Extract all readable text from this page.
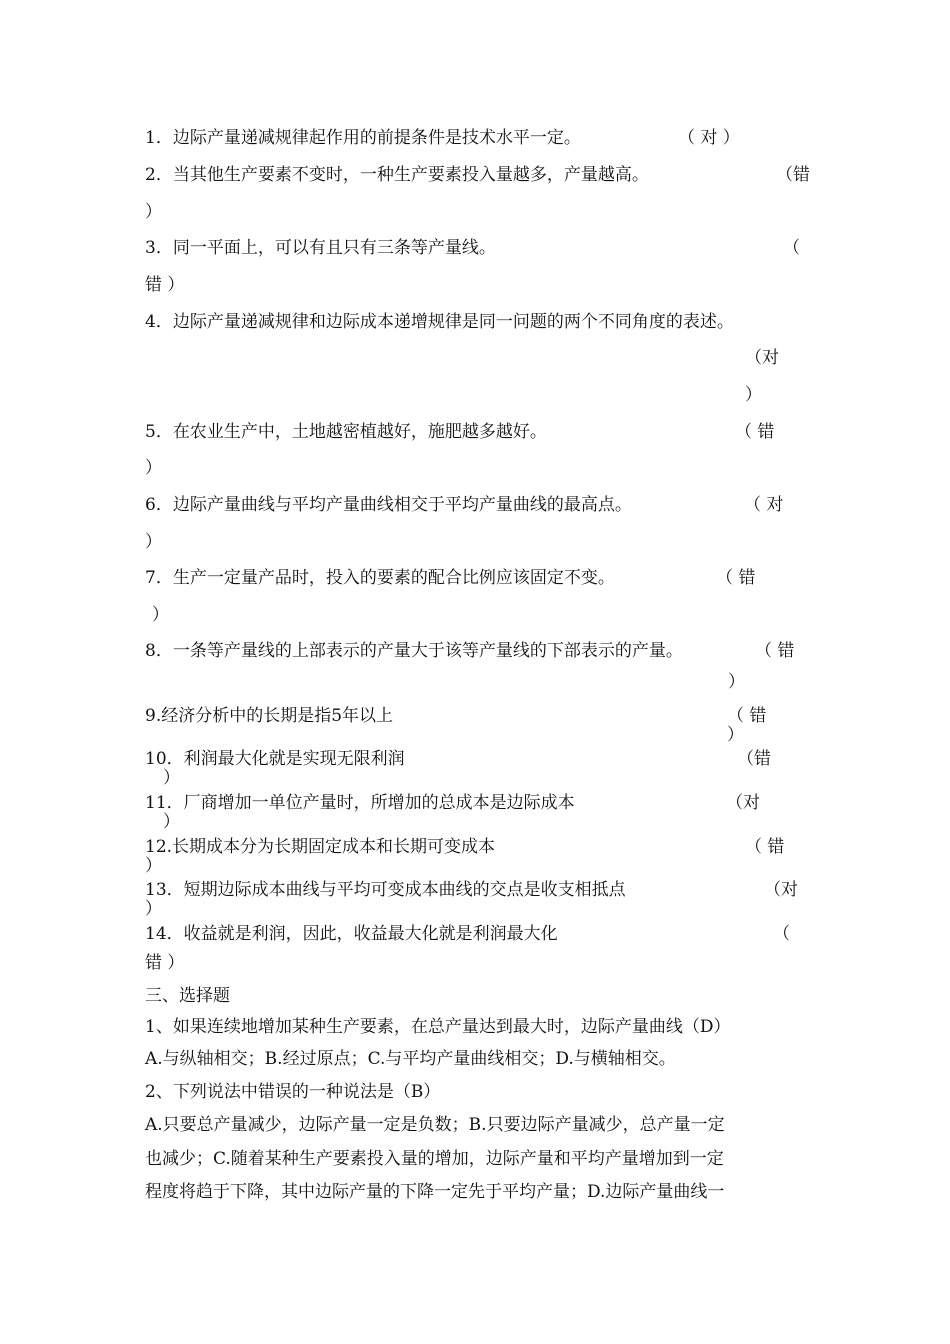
1．边际产量递减规律起作用的前提条件是技术水平一定。	（ 对 ）
2．当其他生产要素不变时，一种生产要素投入量越多，产量越高。	（错
）
3．同一平面上，可以有且只有三条等产量线。	（
错 ）
4．边际产量递减规律和边际成本递增规律是同一问题的两个不同角度的表述。
（对
）
5．在农业生产中，土地越密植越好，施肥越多越好。	（ 错
）
6．边际产量曲线与平均产量曲线相交于平均产量曲线的最高点。	（ 对
）
7．生产一定量产品时，投入的要素的配合比例应该固定不变。	（ 错
）
8．一条等产量线的上部表示的产量大于该等产量线的下部表示的产量。	（ 错
）
9.经济分析中的长期是指5年以上	（ 错
）
10．利润最大化就是实现无限利润	（错
）
11．厂商增加一单位产量时，所增加的总成本是边际成本	（对
）
12.长期成本分为长期固定成本和长期可变成本	（ 错
）
13．短期边际成本曲线与平均可变成本曲线的交点是收支相抵点	（对
）
14．收益就是利润，因此，收益最大化就是利润最大化	（
错 ）
三、选择题
1、如果连续地增加某种生产要素，在总产量达到最大时，边际产量曲线（D）
A.与纵轴相交；B.经过原点；C.与平均产量曲线相交；D.与横轴相交。
2、下列说法中错误的一种说法是（B）
A.只要总产量减少，边际产量一定是负数；B.只要边际产量减少，总产量一定
也减少；C.随着某种生产要素投入量的增加，边际产量和平均产量增加到一定
程度将趋于下降，其中边际产量的下降一定先于平均产量；D.边际产量曲线一
